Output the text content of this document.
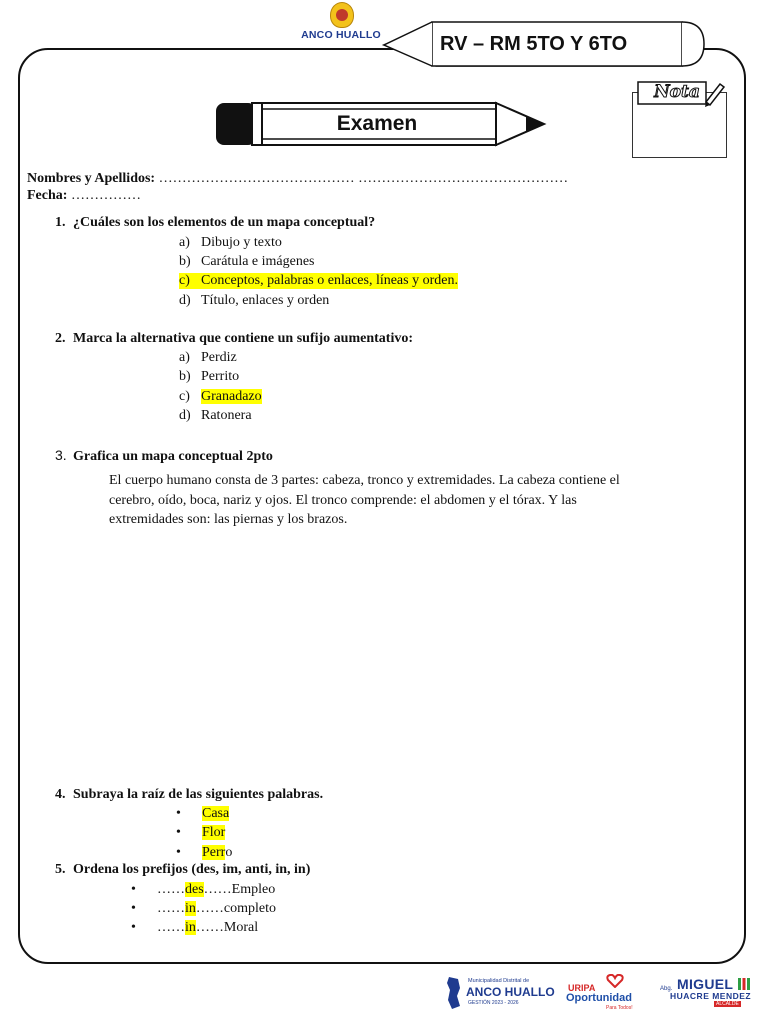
ANCO HUALLO	RV – RM 5TO Y 6TO
Examen
Nota
Nombres y Apellidos: …………………………………… ………………………………………
Fecha: ……………
1. ¿Cuáles son los elementos de un mapa conceptual?
a) Dibujo y texto
b) Carátula e imágenes
c) Conceptos, palabras o enlaces, líneas y orden.
d) Título, enlaces y orden
2. Marca la alternativa que contiene un sufijo aumentativo:
a) Perdiz
b) Perrito
c) Granadazo
d) Ratonera
3. Grafica un mapa conceptual 2pto
El cuerpo humano consta de 3 partes: cabeza, tronco y extremidades. La cabeza contiene el cerebro, oído, boca, nariz y ojos. El tronco comprende: el abdomen y el tórax. Y las extremidades son: las piernas y los brazos.
4. Subraya la raíz de las siguientes palabras.
• Casa
• Flor
• Perro
5. Ordena los prefijos (des, im, anti, in, in)
• ……des……Empleo
• ……in……completo
• ……in……Moral
Municipalidad Distrital de
ANCO HUALLO
GESTIÓN 2023 - 2026
URIPA
Oportunidad
Para Todos!
Abg. MIGUEL
HUACRE MENDEZ
ALCALDE
